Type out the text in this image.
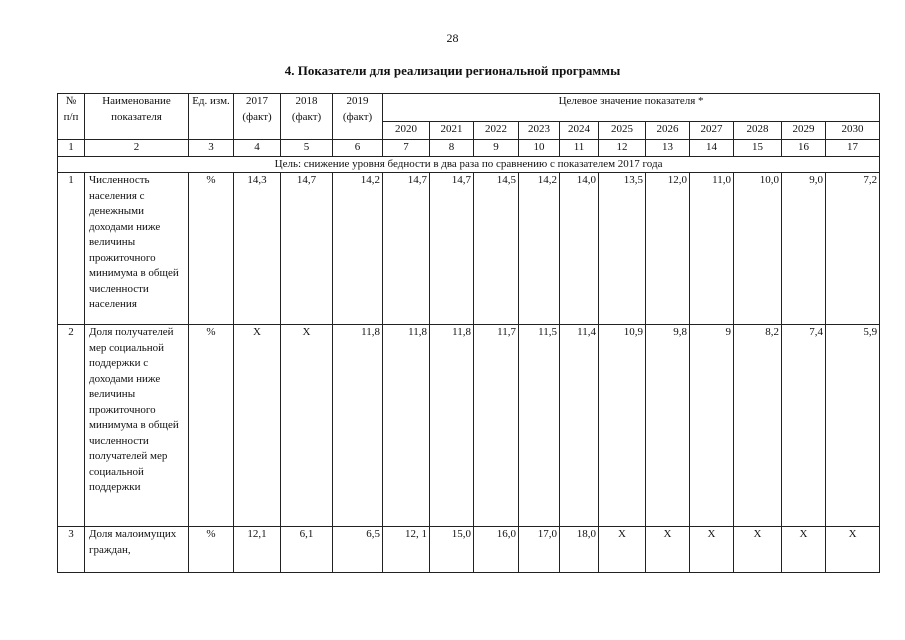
28
4. Показатели для реализации региональной программы
№ п/п	Наименование показателя	Ед. изм.	2017 (факт)	2018 (факт)	2019 (факт)	Целевое значение показателя *										
						2020	2021	2022	2023	2024	2025	2026	2027	2028	2029	2030
1	2	3	4	5	6	7	8	9	10	11	12	13	14	15	16	17
Цель: снижение уровня бедности в два раза по сравнению с показателем 2017 года																
1	Численность населения с денежными доходами ниже величины прожиточного минимума в общей численности населения	%	14,3	14,7	14,2	14,7	14,7	14,5	14,2	14,0	13,5	12,0	11,0	10,0	9,0	7,2
2	Доля получателей мер социальной поддержки с доходами ниже величины прожиточного минимума в общей численности получателей мер социальной поддержки	%	Х	Х	11,8	11,8	11,8	11,7	11,5	11,4	10,9	9,8	9	8,2	7,4	5,9
3	Доля малоимущих граждан,	%	12,1	6,1	6,5	12, 1	15,0	16,0	17,0	18,0	Х	Х	Х	Х	Х	Х
